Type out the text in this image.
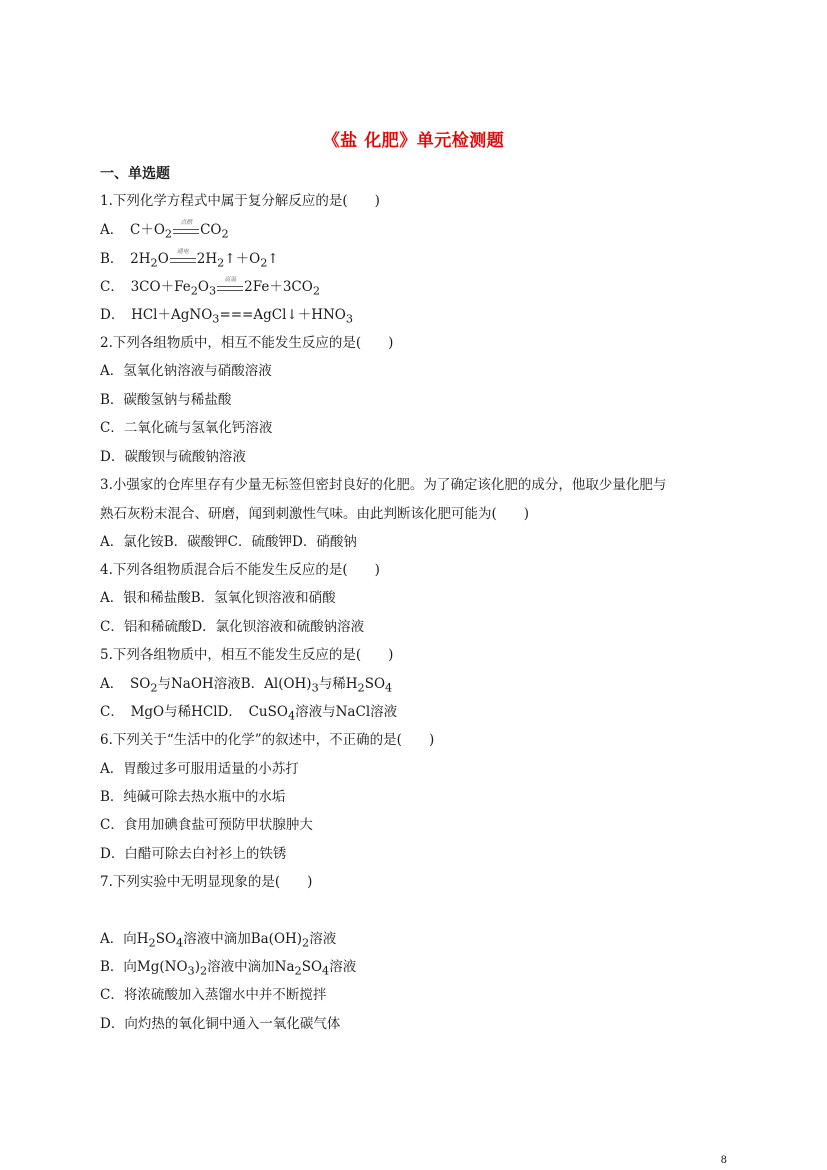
《盐 化肥》单元检测题
一、单选题
1.下列化学方程式中属于复分解反应的是(　　)
A．　$C+O_2$
点燃 $CO_2$
B．　$2H_2O$	通电 $2H_2↑+O_2↑$
C．　$3CO+Fe_2O_3$
高温 $2Fe+3CO_2$
D．　$HCl+AgNO_3===AgCl↓+HNO_3$
2.下列各组物质中，相互不能发生反应的是(　　)
A．氢氧化钠溶液与硝酸溶液
B．碳酸氢钠与稀盐酸
C．二氧化硫与氢氧化钙溶液
D．碳酸钡与硫酸钠溶液
3.小强家的仓库里存有少量无标签但密封良好的化肥。为了确定该化肥的成分，他取少量化肥与
熟石灰粉末混合、研磨，闻到刺激性气味。由此判断该化肥可能为(　　)
A．氯化铵B．碳酸钾C．硫酸钾D．硝酸钠
4.下列各组物质混合后不能发生反应的是(　　)
A．银和稀盐酸B．氢氧化钡溶液和硝酸
C．铝和稀硫酸D．氯化钡溶液和硫酸钠溶液
5.下列各组物质中，相互不能发生反应的是(　　)
A．　$SO_2$与NaOH溶液B．$Al(OH)_3$与稀$H_2SO_4$
C．　MgO与稀HClD．　CuSO$_4$溶液与NaCl溶液
6.下列关于“生活中的化学”的叙述中，不正确的是(　　)
A．胃酸过多可服用适量的小苏打
B．纯碱可除去热水瓶中的水垢
C．食用加碘食盐可预防甲状腺肿大
D．白醋可除去白衬衫上的铁锈
7.下列实验中无明显现象的是(　　)
A．向$H_2SO_4$溶液中滴加$Ba(OH)_2$溶液
B．向$Mg(NO_3)_2$溶液中滴加$Na_2SO_4$溶液
C．将浓硫酸加入蒸馏水中并不断搅拌
D．向灼热的氧化铜中通入一氧化碳气体
8
